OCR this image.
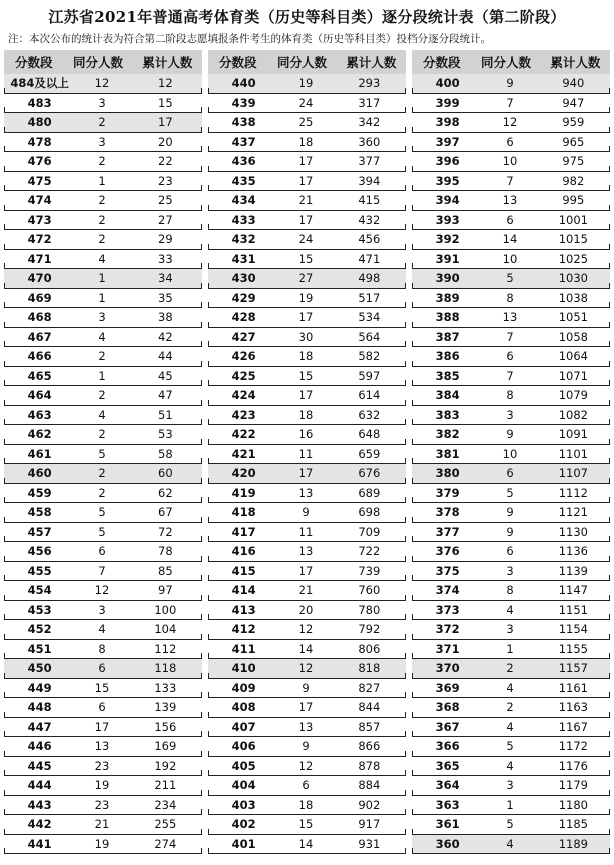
江苏省2021年普通高考体育类（历史等科目类）逐分段统计表（第二阶段）
注：本次公布的统计表为符合第二阶段志愿填报条件考生的体育类（历史等科目类）投档分逐分段统计。
分数段	同分人数	累计人数
484及以上	12	12
483	3	15
480	2	17
478	3	20
476	2	22
475	1	23
474	2	25
473	2	27
472	2	29
471	4	33
470	1	34
469	1	35
468	3	38
467	4	42
466	2	44
465	1	45
464	2	47
463	4	51
462	2	53
461	5	58
460	2	60
459	2	62
458	5	67
457	5	72
456	6	78
455	7	85
454	12	97
453	3	100
452	4	104
451	8	112
450	6	118
449	15	133
448	6	139
447	17	156
446	13	169
445	23	192
444	19	211
443	23	234
442	21	255
441	19	274
分数段	同分人数	累计人数
440	19	293
439	24	317
438	25	342
437	18	360
436	17	377
435	17	394
434	21	415
433	17	432
432	24	456
431	15	471
430	27	498
429	19	517
428	17	534
427	30	564
426	18	582
425	15	597
424	17	614
423	18	632
422	16	648
421	11	659
420	17	676
419	13	689
418	9	698
417	11	709
416	13	722
415	17	739
414	21	760
413	20	780
412	12	792
411	14	806
410	12	818
409	9	827
408	17	844
407	13	857
406	9	866
405	12	878
404	6	884
403	18	902
402	15	917
401	14	931
分数段	同分人数	累计人数
400	9	940
399	7	947
398	12	959
397	6	965
396	10	975
395	7	982
394	13	995
393	6	1001
392	14	1015
391	10	1025
390	5	1030
389	8	1038
388	13	1051
387	7	1058
386	6	1064
385	7	1071
384	8	1079
383	3	1082
382	9	1091
381	10	1101
380	6	1107
379	5	1112
378	9	1121
377	9	1130
376	6	1136
375	3	1139
374	8	1147
373	4	1151
372	3	1154
371	1	1155
370	2	1157
369	4	1161
368	2	1163
367	4	1167
366	5	1172
365	4	1176
364	3	1179
363	1	1180
361	5	1185
360	4	1189
